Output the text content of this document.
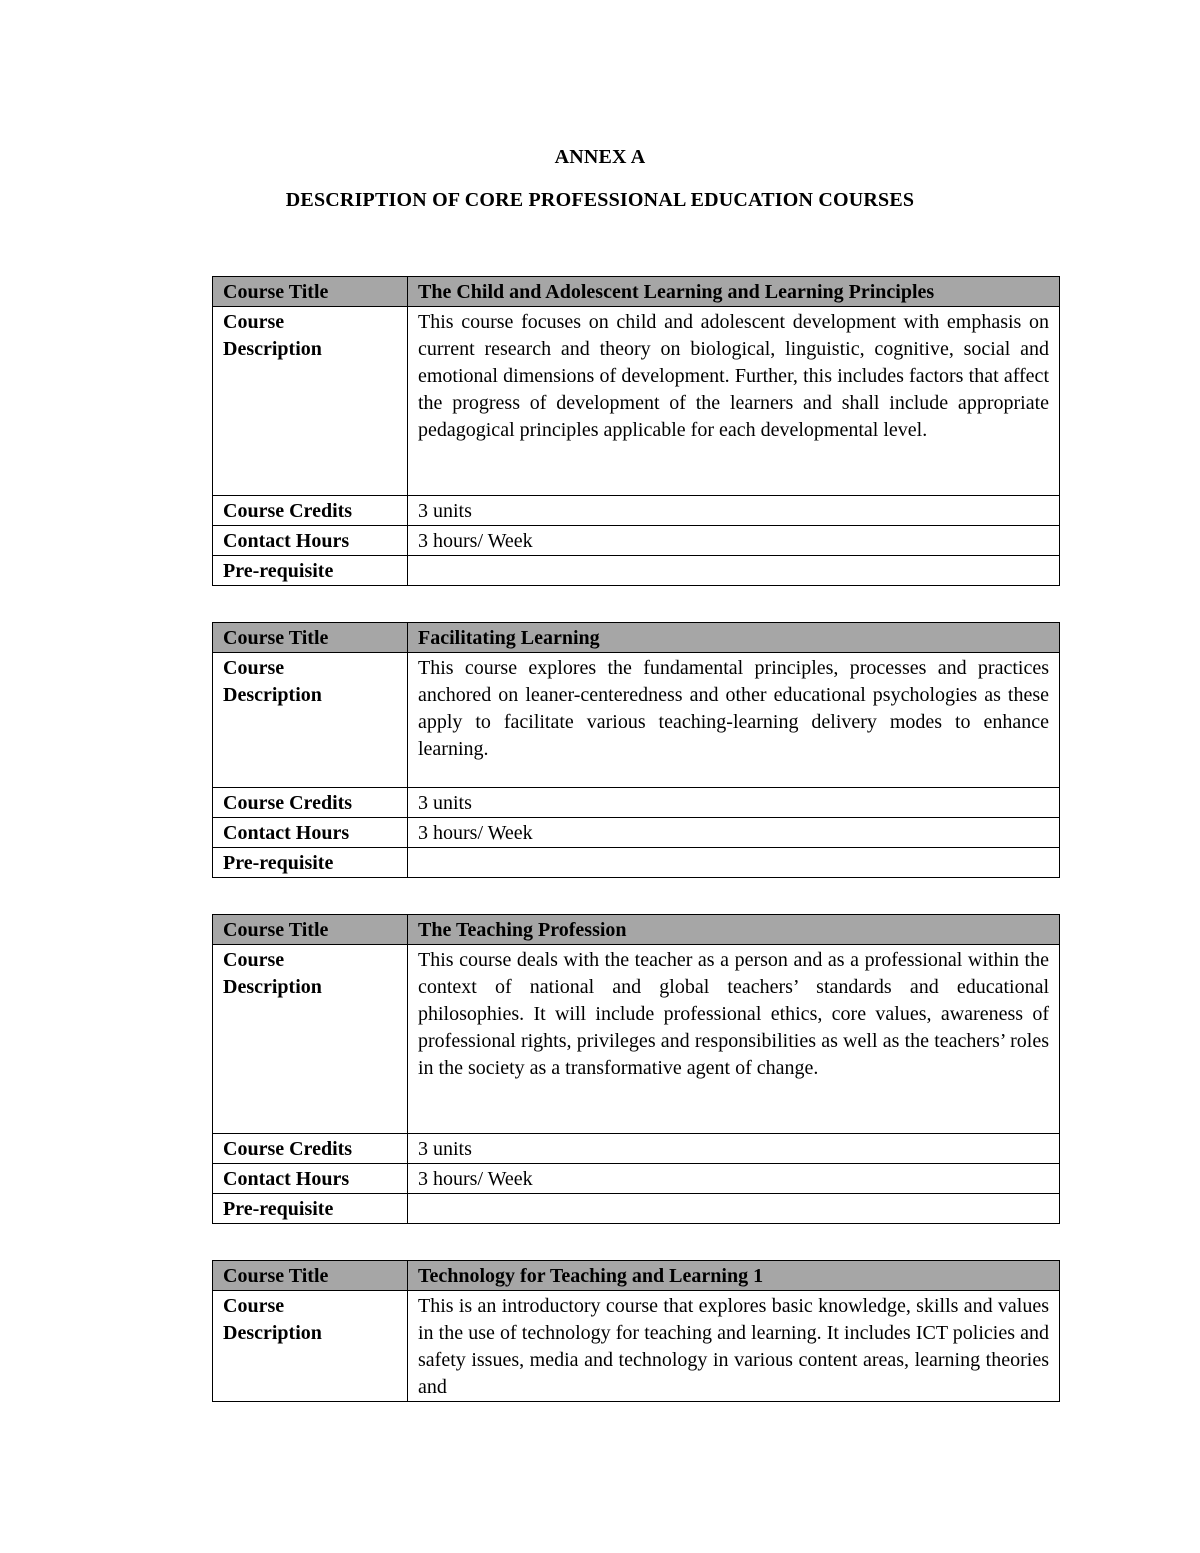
ANNEX A
DESCRIPTION OF CORE PROFESSIONAL EDUCATION COURSES
Course Title	The Child and Adolescent Learning and Learning Principles
Course
Description	This course focuses on child and adolescent development with emphasis on current research and theory on biological, linguistic, cognitive, social and emotional dimensions of development. Further, this includes factors that affect the progress of development of the learners and shall include appropriate pedagogical principles applicable for each developmental level.
Course Credits	3 units
Contact Hours	3 hours/ Week
Pre-requisite	
Course Title	Facilitating Learning
Course
Description	This course explores the fundamental principles, processes and practices anchored on leaner-centeredness and other educational psychologies as these apply to facilitate various teaching-learning delivery modes to enhance learning.
Course Credits	3 units
Contact Hours	3 hours/ Week
Pre-requisite	
Course Title	The Teaching Profession
Course
Description	This course deals with the teacher as a person and as a professional within the context of national and global teachers’ standards and educational philosophies. It will include professional ethics, core values, awareness of professional rights, privileges and responsibilities as well as the teachers’ roles in the society as a transformative agent of change.
Course Credits	3 units
Contact Hours	3 hours/ Week
Pre-requisite	
Course Title	Technology for Teaching and Learning 1
Course
Description	This is an introductory course that explores basic knowledge, skills and values in the use of technology for teaching and learning. It includes ICT policies and safety issues, media and technology in various content areas, learning theories and
